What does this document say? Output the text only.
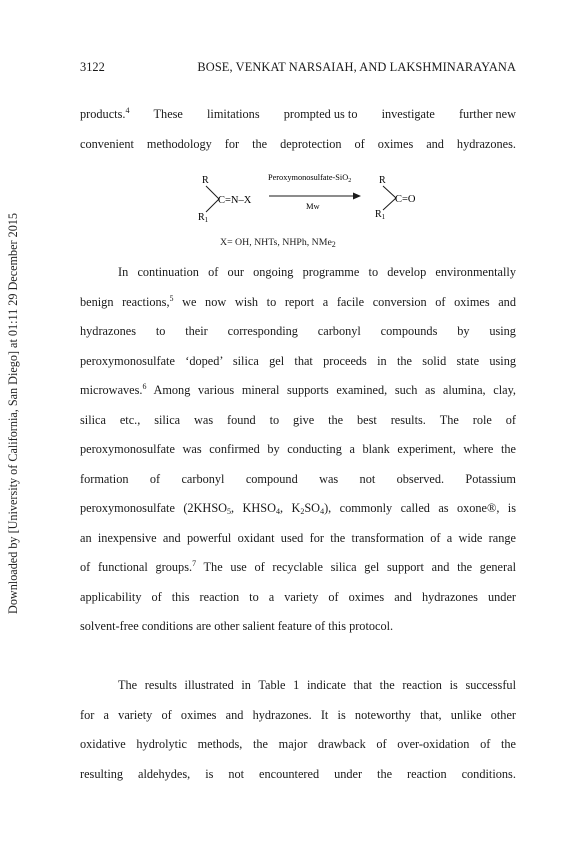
Downloaded by [University of California, San Diego] at 01:11 29 December 2015
3122	BOSE, VENKAT NARSAIAH, AND LAKSHMINARAYANA
products.$^4$ These limitations prompted us to investigate further new
convenient methodology for the deprotection of oximes and hydrazones.
R
$R_1$
C=N–X
Peroxymonosulfate-SiO$_2$
Mw
R
$R_1$
C=O
X= OH, NHTs, NHPh, NMe$_2$
In continuation of our ongoing programme to develop environmentally
benign reactions,$^5$ we now wish to report a facile conversion of oximes and
hydrazones to their corresponding carbonyl compounds by using
peroxymonosulfate ‘doped’ silica gel that proceeds in the solid state using
microwaves.$^6$ Among various mineral supports examined, such as alumina, clay,
silica etc., silica was found to give the best results. The role of
peroxymonosulfate was confirmed by conducting a blank experiment, where the
formation of carbonyl compound was not observed. Potassium
peroxymonosulfate ($2KHSO_5$, $KHSO_4$, $K_2SO_4$), commonly called as oxone®, is
an inexpensive and powerful oxidant used for the transformation of a wide range
of functional groups.$^7$ The use of recyclable silica gel support and the general
applicability of this reaction to a variety of oximes and hydrazones under
solvent-free conditions are other salient feature of this protocol.
The results illustrated in Table 1 indicate that the reaction is successful
for a variety of oximes and hydrazones. It is noteworthy that, unlike other
oxidative hydrolytic methods, the major drawback of over-oxidation of the
resulting aldehydes, is not encountered under the reaction conditions.
